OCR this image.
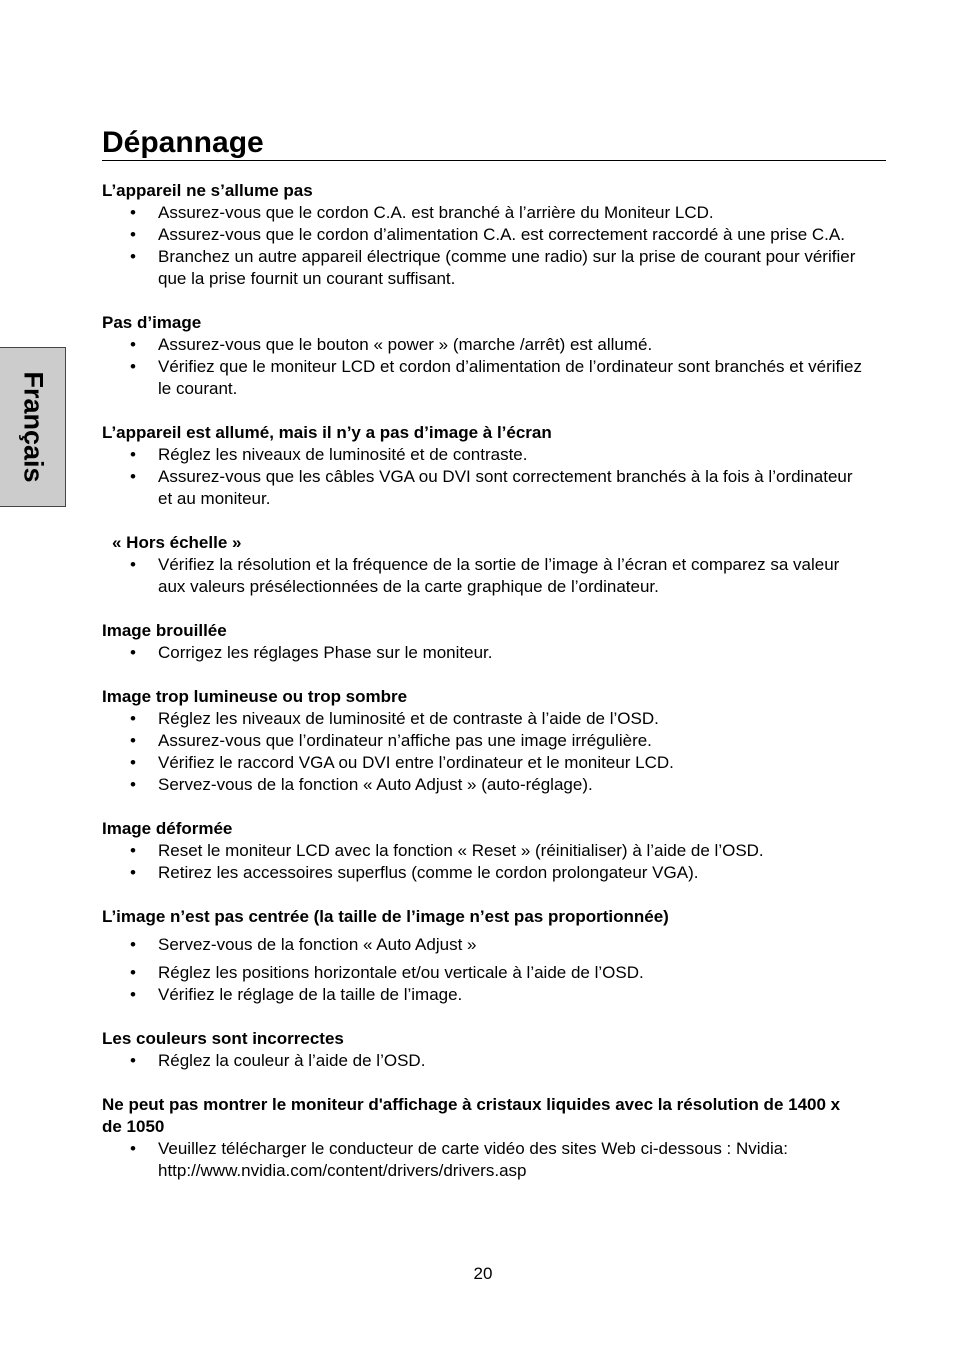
Français
Dépannage

L’appareil ne s’allume pas

• Assurez-vous que le cordon C.A. est branché à l’arrière du Moniteur LCD.
• Assurez-vous que le cordon d’alimentation C.A. est correctement raccordé à une prise C.A.
• Branchez un autre appareil électrique (comme une radio) sur la prise de courant pour vérifier que la prise fournit un courant suffisant.

Pas d’image

• Assurez-vous que le bouton « power » (marche /arrêt) est allumé.
• Vérifiez que le moniteur LCD et cordon d’alimentation de l’ordinateur sont branchés et vérifiez le courant.

L’appareil est allumé, mais il n’y a pas d’image à l’écran

• Réglez les niveaux de luminosité et de contraste.
• Assurez-vous que les câbles VGA ou DVI sont correctement branchés à la fois à l’ordinateur et au moniteur.

« Hors échelle »

• Vérifiez la résolution et la fréquence de la sortie de l’image à l’écran et comparez sa valeur aux valeurs présélectionnées de la carte graphique de l’ordinateur.

Image brouillée

• Corrigez les réglages Phase sur le moniteur.

Image trop lumineuse ou trop sombre

• Réglez les niveaux de luminosité et de contraste à l’aide de l’OSD.
• Assurez-vous que l’ordinateur n’affiche pas une image irrégulière.
• Vérifiez le raccord VGA ou DVI entre l’ordinateur et le moniteur LCD.
• Servez-vous de la fonction « Auto Adjust » (auto-réglage).

Image déformée

• Reset le moniteur LCD avec la fonction « Reset » (réinitialiser) à l’aide de l’OSD.
• Retirez les accessoires superflus (comme le cordon prolongateur VGA).

L’image n’est pas centrée (la taille de l’image n’est pas proportionnée)

• Servez-vous de la fonction « Auto Adjust »
• Réglez les positions horizontale et/ou verticale à l’aide de l’OSD.
• Vérifiez le réglage de la taille de l’image.

Les couleurs sont incorrectes

• Réglez la couleur à l’aide de l’OSD.

Ne peut pas montrer le moniteur d'affichage à cristaux liquides avec la résolution de 1400 x de 1050

• Veuillez télécharger le conducteur de carte vidéo des sites Web ci-dessous : Nvidia: http://www.nvidia.com/content/drivers/drivers.asp
20
